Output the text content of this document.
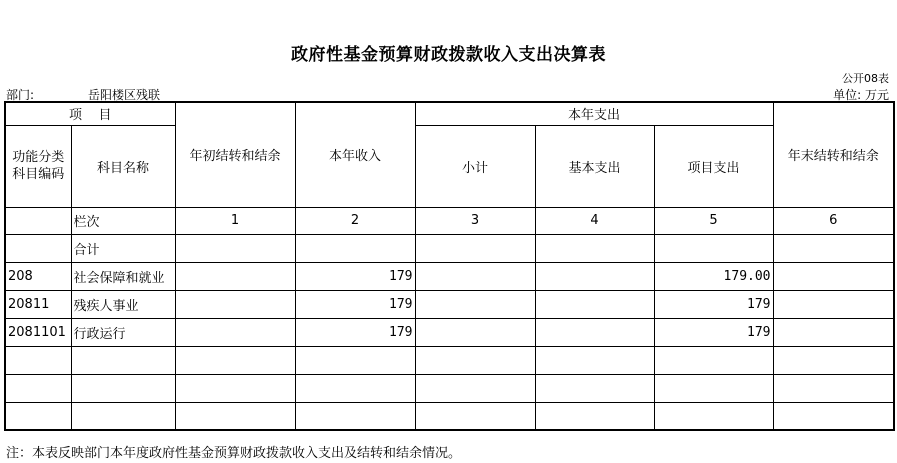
政府性基金预算财政拨款收入支出决算表
公开08表
部门:	岳阳楼区残联	单位: 万元
项    目		年初结转和结余	本年收入	本年支出			年末结转和结余
功能分类科目编码	科目名称			小计	基本支出	项目支出	
	栏次	1	2	3	4	5	6
	合计						
208	社会保障和就业		179			179.00	
20811	残疾人事业		179			179	
2081101	行政运行		179			179	

注：本表反映部门本年度政府性基金预算财政拨款收入支出及结转和结余情况。
